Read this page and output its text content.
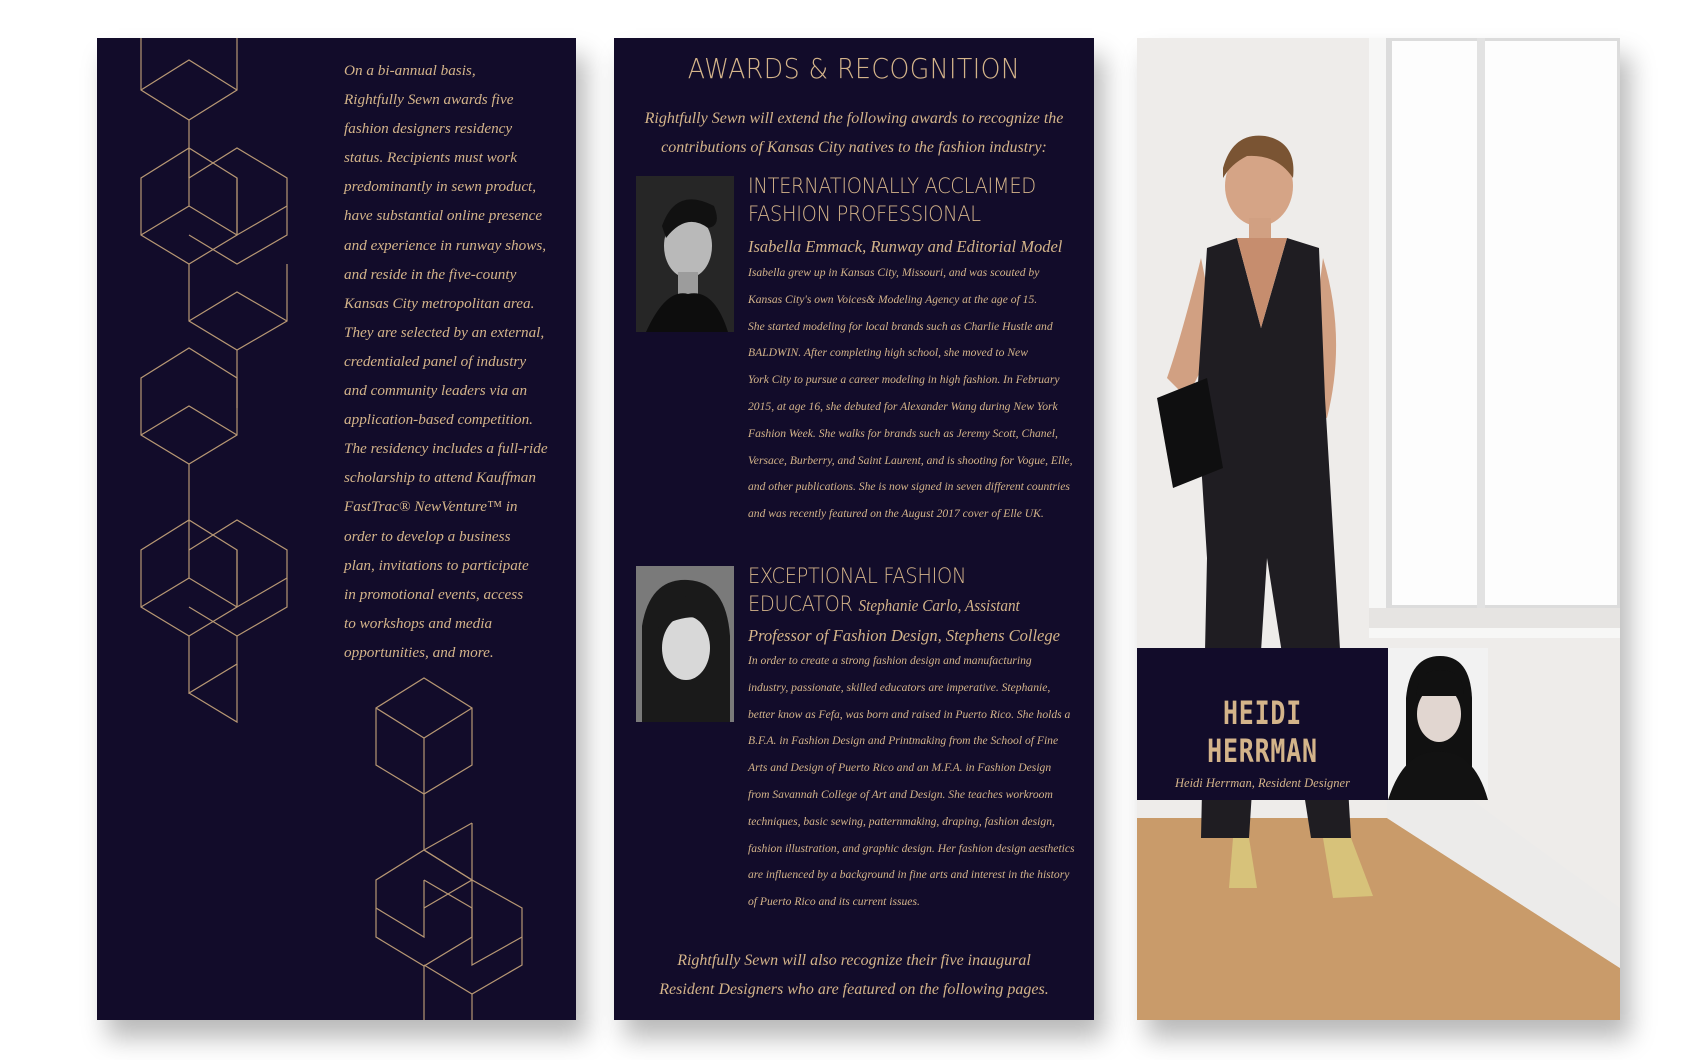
On a bi-annual basis,
Rightfully Sewn awards five
fashion designers residency
status. Recipients must work
predominantly in sewn product,
have substantial online presence
and experience in runway shows,
and reside in the five-county
Kansas City metropolitan area.
They are selected by an external,
credentialed panel of industry
and community leaders via an
application-based competition.
The residency includes a full-ride
scholarship to attend Kauffman
FastTrac® NewVenture™ in
order to develop a business
plan, invitations to participate
in promotional events, access
to workshops and media
opportunities, and more.
AWARDS & RECOGNITION
Rightfully Sewn will extend the following awards to recognize the
contributions of Kansas City natives to the fashion industry:
INTERNATIONALLY ACCLAIMED
FASHION PROFESSIONAL
Isabella Emmack, Runway and Editorial Model
Isabella grew up in Kansas City, Missouri, and was scouted by
Kansas City's own Voices& Modeling Agency at the age of 15.
She started modeling for local brands such as Charlie Hustle and
BALDWIN. After completing high school, she moved to New
York City to pursue a career modeling in high fashion. In February
2015, at age 16, she debuted for Alexander Wang during New York
Fashion Week. She walks for brands such as Jeremy Scott, Chanel,
Versace, Burberry, and Saint Laurent, and is shooting for Vogue, Elle,
and other publications. She is now signed in seven different countries
and was recently featured on the August 2017 cover of Elle UK.
EXCEPTIONAL FASHION
EDUCATOR Stephanie Carlo, Assistant
Professor of Fashion Design, Stephens College
In order to create a strong fashion design and manufacturing
industry, passionate, skilled educators are imperative. Stephanie,
better know as Fefa, was born and raised in Puerto Rico. She holds a
B.F.A. in Fashion Design and Printmaking from the School of Fine
Arts and Design of Puerto Rico and an M.F.A. in Fashion Design
from Savannah College of Art and Design. She teaches workroom
techniques, basic sewing, patternmaking, draping, fashion design,
fashion illustration, and graphic design. Her fashion design aesthetics
are influenced by a background in fine arts and interest in the history
of Puerto Rico and its current issues.
Rightfully Sewn will also recognize their five inaugural
Resident Designers who are featured on the following pages.
HEIDI HERRMAN
Heidi Herrman, Resident Designer
